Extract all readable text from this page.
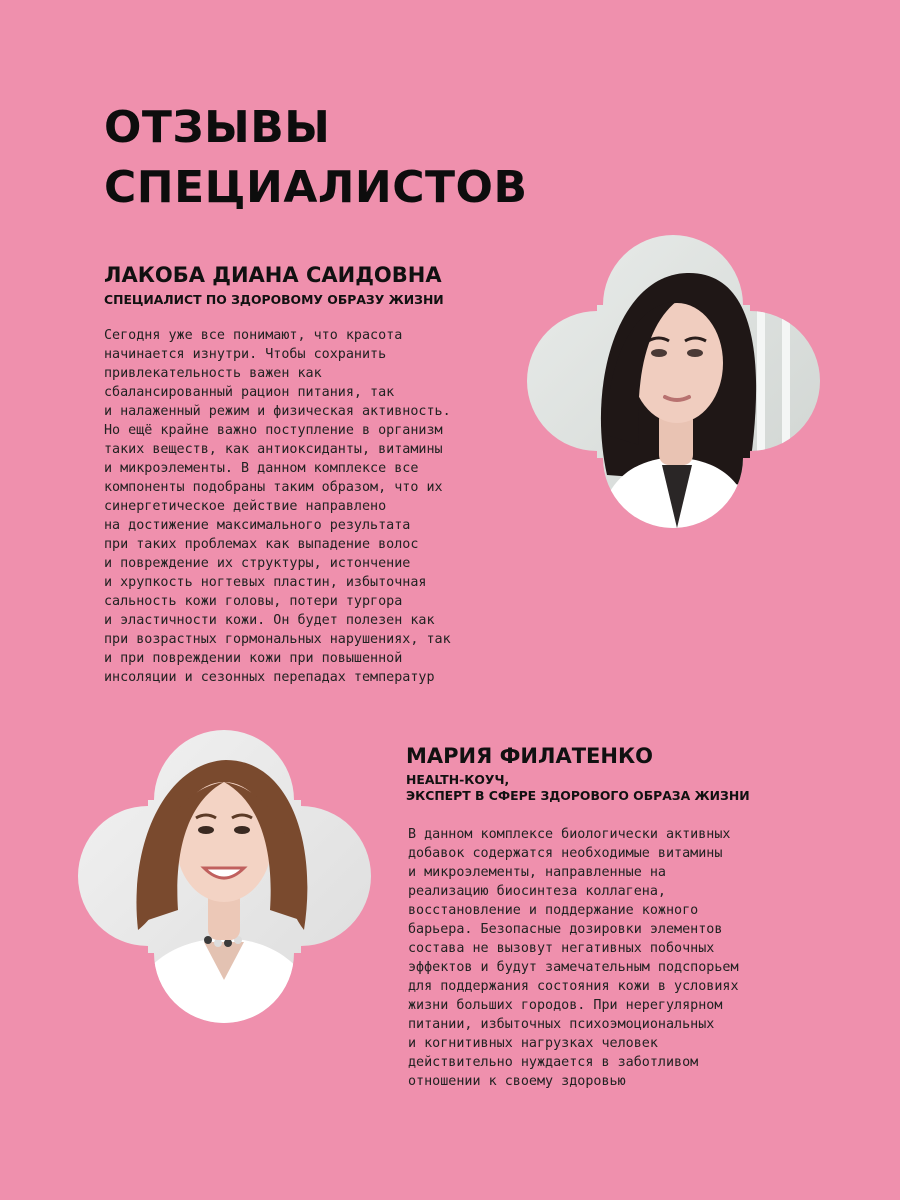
ОТЗЫВЫ
СПЕЦИАЛИСТОВ
ЛАКОБА ДИАНА САИДОВНА

СПЕЦИАЛИСТ ПО ЗДОРОВОМУ ОБРАЗУ ЖИЗНИ

Сегодня уже все понимают, что красота
начинается изнутри. Чтобы сохранить
привлекательность важен как
сбалансированный рацион питания, так
и налаженный режим и физическая активность.
Но ещё крайне важно поступление в организм
таких веществ, как антиоксиданты, витамины
и микроэлементы. В данном комплексе все
компоненты подобраны таким образом, что их
синергетическое действие направлено
на достижение максимального результата
при таких проблемах как выпадение волос
и повреждение их структуры, истончение
и хрупкость ногтевых пластин, избыточная
сальность кожи головы, потери тургора
и эластичности кожи. Он будет полезен как
при возрастных гормональных нарушениях, так
и при повреждении кожи при повышенной
инсоляции и сезонных перепадах температур

МАРИЯ ФИЛАТЕНКО

HEALTH-КОУЧ,
ЭКСПЕРТ В СФЕРЕ ЗДОРОВОГО ОБРАЗА ЖИЗНИ

В данном комплексе биологически активных
добавок содержатся необходимые витамины
и микроэлементы, направленные на
реализацию биосинтеза коллагена,
восстановление и поддержание кожного
барьера. Безопасные дозировки элементов
состава не вызовут негативных побочных
эффектов и будут замечательным подспорьем
для поддержания состояния кожи в условиях
жизни больших городов. При нерегулярном
питании, избыточных психоэмоциональных
и когнитивных нагрузках человек
действительно нуждается в заботливом
отношении к своему здоровью
